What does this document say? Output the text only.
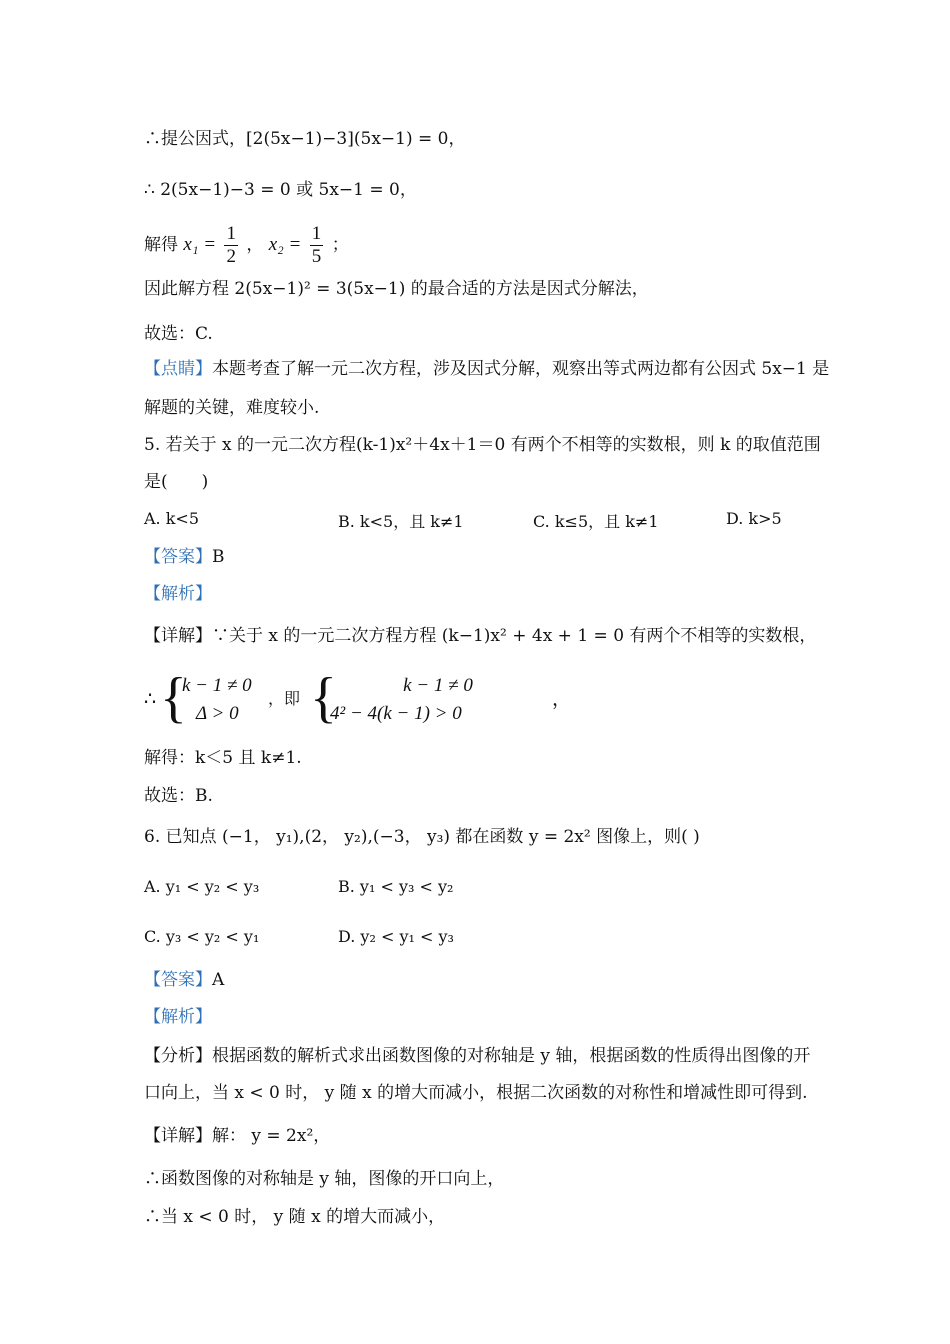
∴提公因式，[2(5x−1)−3](5x−1) = 0，
∴ 2(5x−1)−3 = 0 或 5x−1 = 0，
解得 $x_1 = \frac{1}{2}$ ， $x_2 = \frac{1}{5}$ ；
因此解方程 2(5x−1)² = 3(5x−1) 的最合适的方法是因式分解法，
故选：C.
【点睛】本题考查了解一元二次方程，涉及因式分解，观察出等式两边都有公因式 5x−1 是
解题的关键，难度较小.
5. 若关于 x 的一元二次方程(k-1)x²＋4x＋1＝0 有两个不相等的实数根，则 k 的取值范围
是(　　)
A. k<5	B. k<5，且 k≠1	C. k≤5，且 k≠1	D. k>5
【答案】B
【解析】
【详解】∵关于 x 的一元二次方程方程 (k−1)x² + 4x + 1 = 0 有两个不相等的实数根，
∴ {
k − 1 ≠ 0
Δ > 0
，即 {	k − 1 ≠ 0
4² − 4(k − 1) > 0
，
解得：k＜5 且 k≠1.
故选：B.
6. 已知点 (−1， y₁),(2， y₂),(−3， y₃) 都在函数 y = 2x² 图像上，则( )
A. y₁ < y₂ < y₃	B. y₁ < y₃ < y₂
C. y₃ < y₂ < y₁	D. y₂ < y₁ < y₃
【答案】A
【解析】
【分析】根据函数的解析式求出函数图像的对称轴是 y 轴，根据函数的性质得出图像的开
口向上，当 x < 0 时， y 随 x 的增大而减小，根据二次函数的对称性和增减性即可得到.
【详解】解： y = 2x²，
∴函数图像的对称轴是 y 轴，图像的开口向上，
∴当 x < 0 时， y 随 x 的增大而减小，
